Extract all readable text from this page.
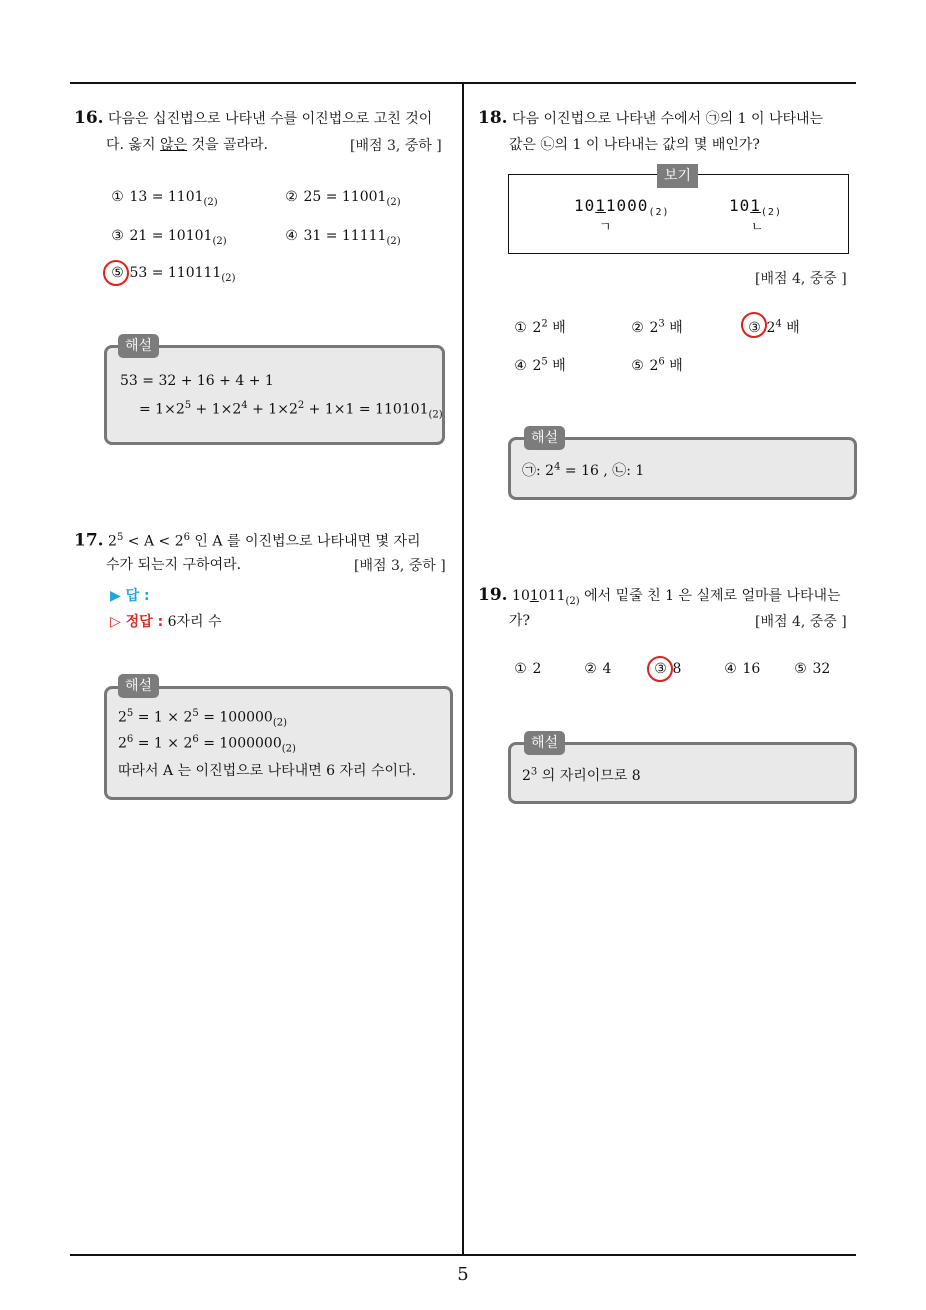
5
16. 다음은 십진법으로 나타낸 수를 이진법으로 고친 것이
다. 옳지 않은 것을 골라라.	[배점 3, 중하 ]
① $13 = 1101_{(2)}$	② $25 = 11001_{(2)}$
③ $21 = 10101_{(2)}$	④ $31 = 11111_{(2)}$
⑤ $53 = 110111_{(2)}$
해설
53 = 32 + 16 + 4 + 1
= $1\times 2^5 + 1\times 2^4 + 1\times 2^2 + 1\times 1 = 110101_{(2)}$
17. $2^5 < A < 2^6$ 인 A 를 이진법으로 나타내면 몇 자리
수가 되는지 구하여라.	[배점 3, 중하 ]
▶ 답 :
▷ 정답 : 6자리 수
해설
$2^5 = 1 \times 2^5 = 100000_{(2)}$
$2^6 = 1 \times 2^6 = 1000000_{(2)}$
따라서 A 는 이진법으로 나타내면 6 자리 수이다.
18. 다음 이진법으로 나타낸 수에서 ㉠의 1 이 나타내는
값은 ㉡의 1 이 나타내는 값의 몇 배인가?
보기
$1011000_{(2)}$
ㄱ
$101_{(2)}$
ㄴ
[배점 4, 중중 ]
① $2^2$ 배	② $2^3$ 배	③ $2^4$ 배
④ $2^5$ 배	⑤ $2^6$ 배
해설
㉠: $2^4 = 16$ , ㉡: 1
19. $101011_{(2)}$ 에서 밑줄 친 1 은 실제로 얼마를 나타내는
가?	[배점 4, 중중 ]
① 2	② 4	③ 8	④ 16 ⑤ 32
해설
$2^3$ 의 자리이므로 8
